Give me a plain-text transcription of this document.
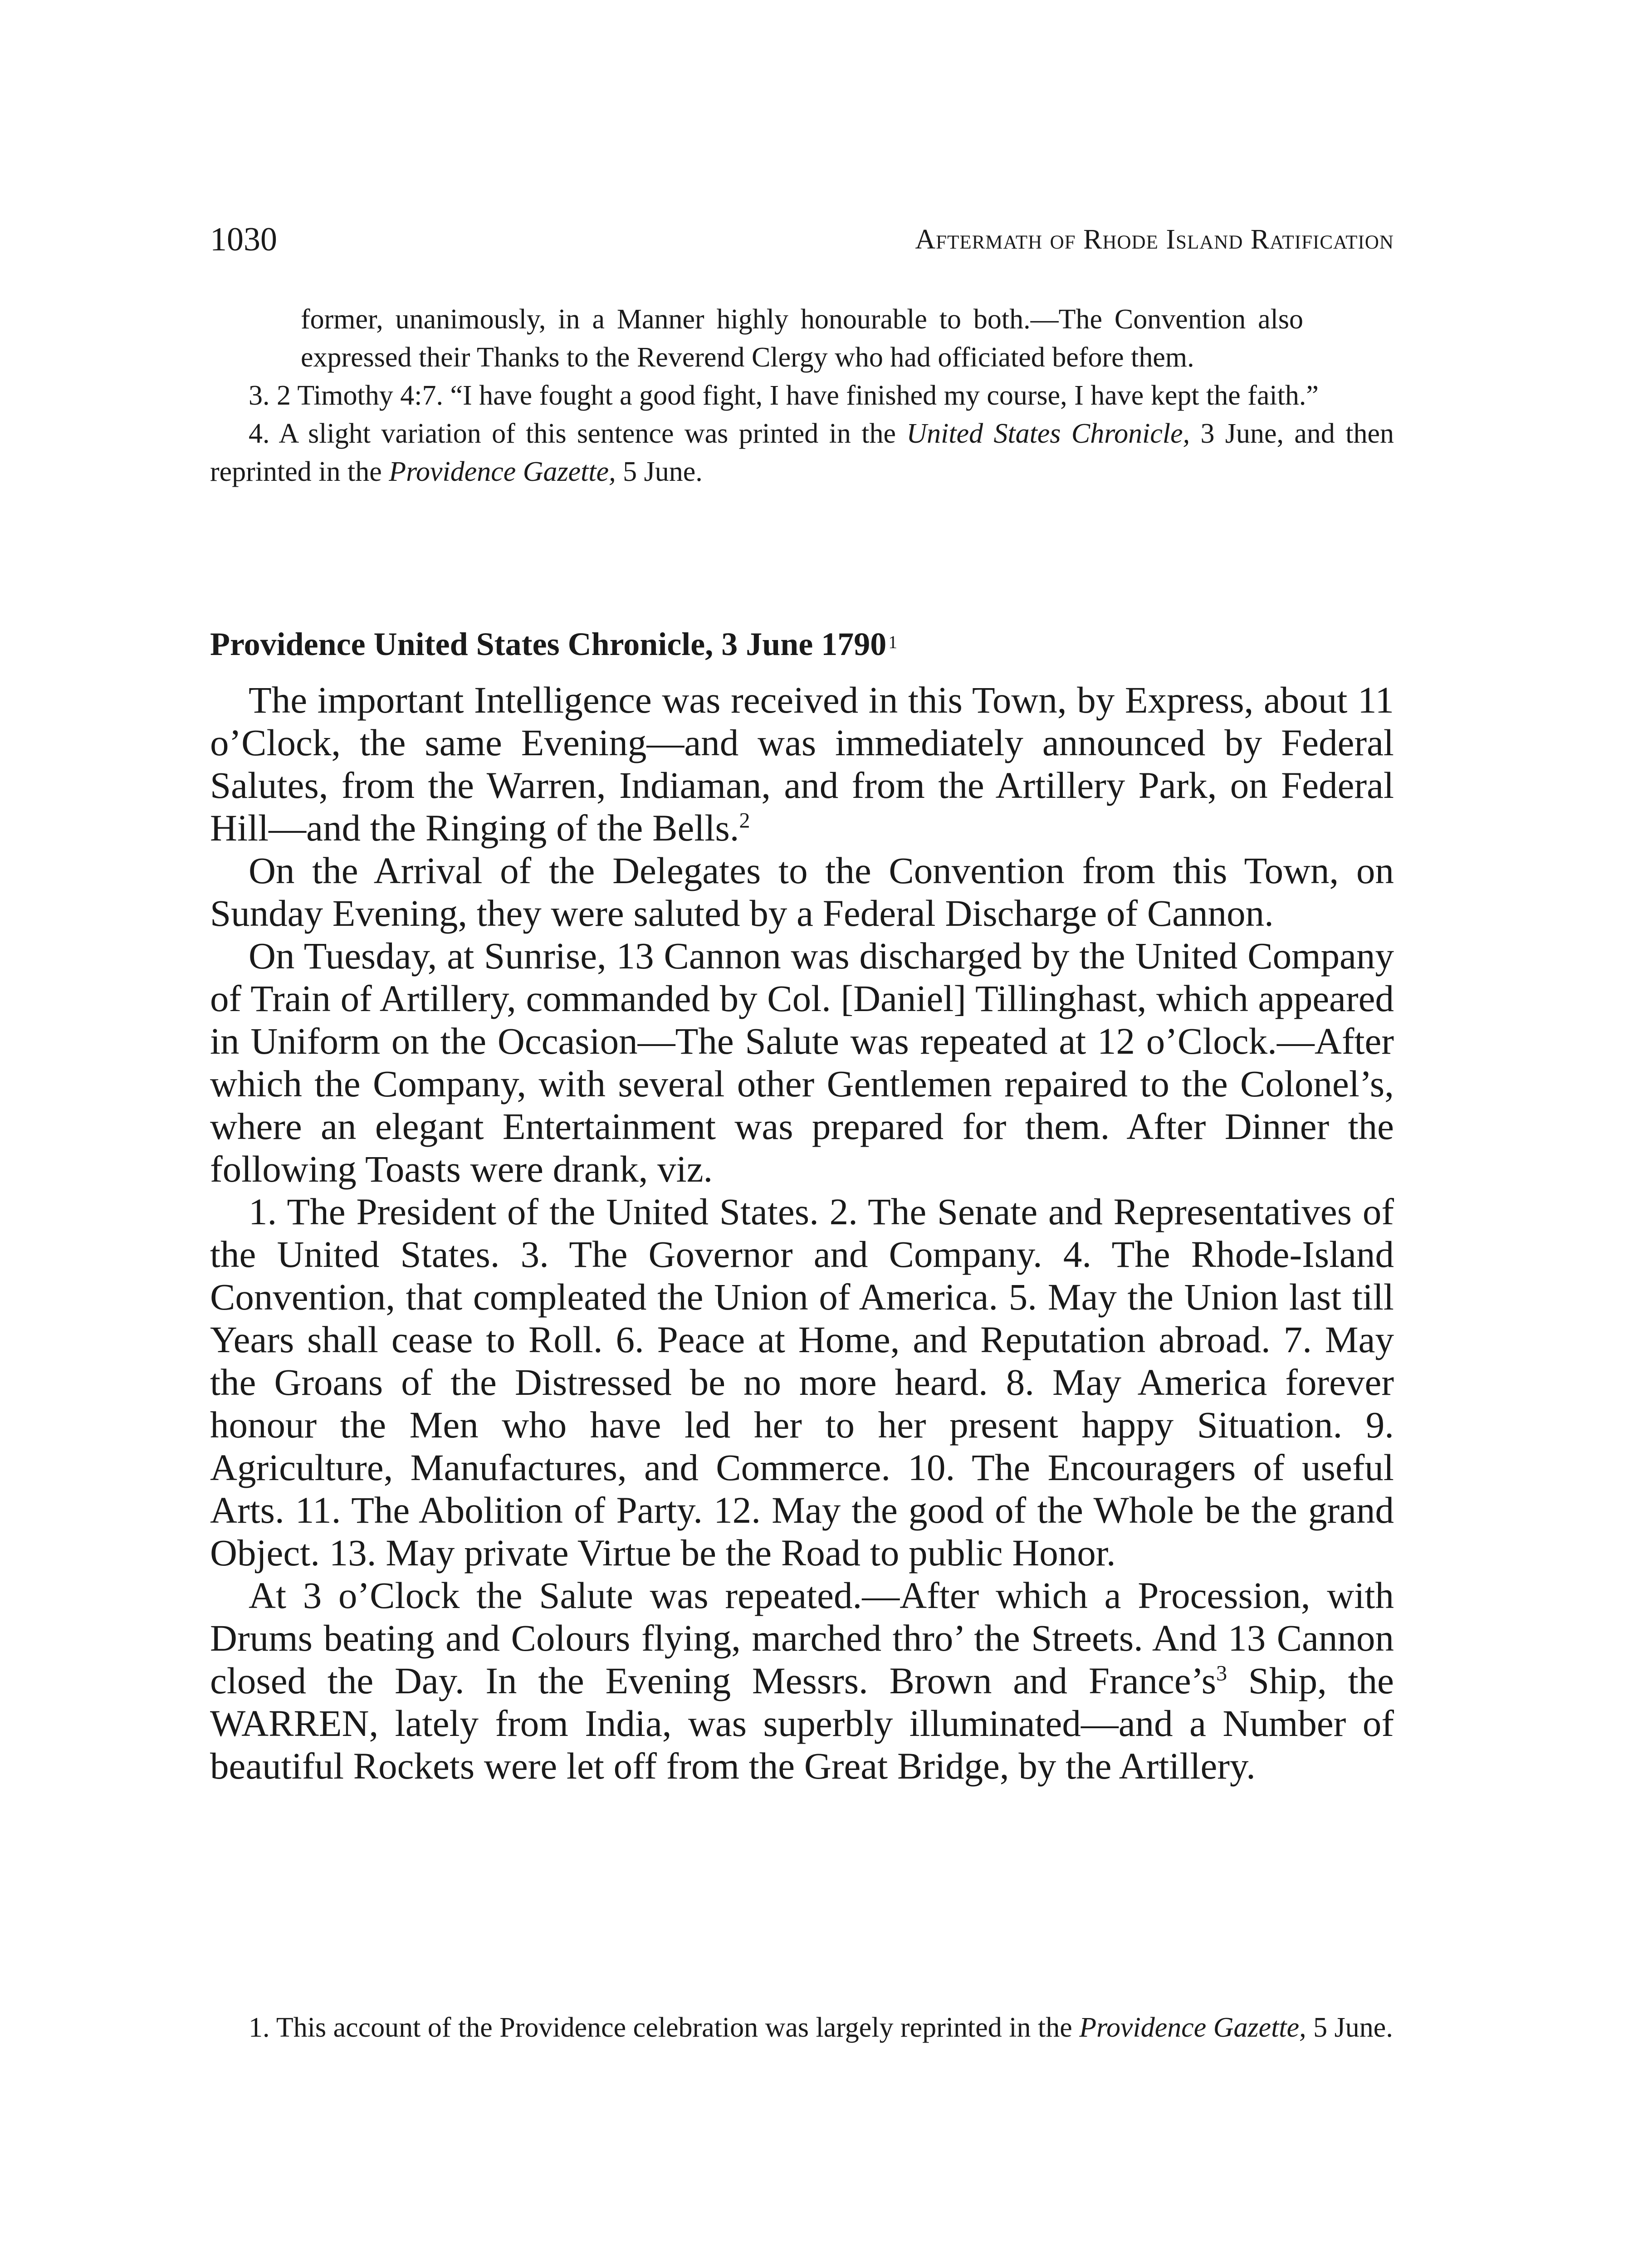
1030	Aftermath of Rhode Island Ratification

former, unanimously, in a Manner highly honourable to both.—The Convention also expressed their Thanks to the Reverend Clergy who had officiated before them.

3. 2 Timothy 4:7. “I have fought a good fight, I have finished my course, I have kept the faith.”

4. A slight variation of this sentence was printed in the United States Chronicle, 3 June, and then reprinted in the Providence Gazette, 5 June.

Providence United States Chronicle, 3 June 1790 $^1$

The important Intelligence was received in this Town, by Express, about 11 o’Clock, the same Evening—and was immediately announced by Federal Salutes, from the Warren, Indiaman, and from the Artillery Park, on Federal Hill—and the Ringing of the Bells.$^2$

On the Arrival of the Delegates to the Convention from this Town, on Sunday Evening, they were saluted by a Federal Discharge of Cannon.

On Tuesday, at Sunrise, 13 Cannon was discharged by the United Company of Train of Artillery, commanded by Col. [Daniel] Tillinghast, which appeared in Uniform on the Occasion—The Salute was repeated at 12 o’Clock.—After which the Company, with several other Gentlemen repaired to the Colonel’s, where an elegant Entertainment was prepared for them. After Dinner the following Toasts were drank, viz.

1. The President of the United States. 2. The Senate and Representatives of the United States. 3. The Governor and Company. 4. The Rhode-Island Convention, that compleated the Union of America. 5. May the Union last till Years shall cease to Roll. 6. Peace at Home, and Reputation abroad. 7. May the Groans of the Distressed be no more heard. 8. May America forever honour the Men who have led her to her present happy Situation. 9. Agriculture, Manufactures, and Commerce. 10. The Encouragers of useful Arts. 11. The Abolition of Party. 12. May the good of the Whole be the grand Object. 13. May private Virtue be the Road to public Honor.

At 3 o’Clock the Salute was repeated.—After which a Procession, with Drums beating and Colours flying, marched thro’ the Streets. And 13 Cannon closed the Day. In the Evening Messrs. Brown and $France’s^3$ Ship, the WARREN, lately from India, was superbly illuminated—and a Number of beautiful Rockets were let off from the Great Bridge, by the Artillery.

1. This account of the Providence celebration was largely reprinted in the Providence Gazette, 5 June.
